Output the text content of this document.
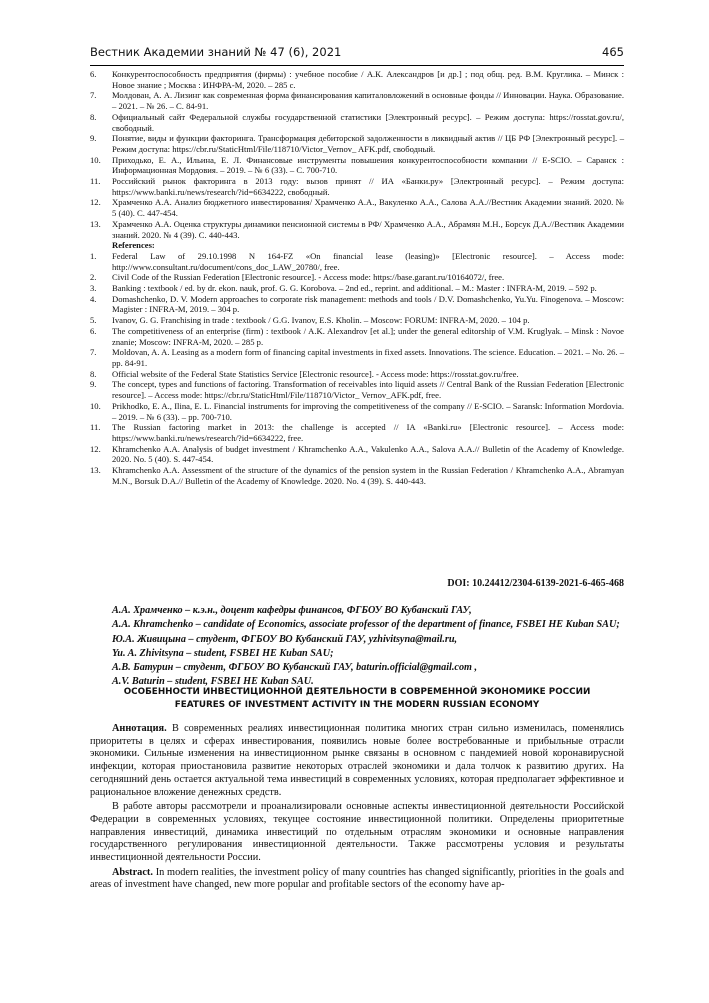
Вестник Академии знаний № 47 (6), 2021	465
6.	Конкурентоспособность предприятия (фирмы) : учебное пособие / А.К. Александров [и др.] ; под общ. ред. В.М. Круглика. – Минск : Новое знание ; Москва : ИНФРА-М, 2020. – 285 с.
7.	Молдован, А. А. Лизинг как современная форма финансирования капиталовложений в основные фонды // Инновации. Наука. Образование. – 2021. – № 26. – С. 84-91.
8.	Официальный сайт Федеральной службы государственной статистики [Электронный ресурс]. – Режим доступа: https://rosstat.gov.ru/, свободный.
9.	Понятие, виды и функции факторинга. Трансформация дебиторской задолженности в ликвидный актив // ЦБ РФ [Электронный ресурс]. – Режим доступа: https://cbr.ru/StaticHtml/File/118710/Victor_Vernov_ AFK.pdf, свободный.
10.	Приходько, Е. А., Ильина, Е. Л. Финансовые инструменты повышения конкурентоспособности компании // E-SCIO. – Саранск : Информационная Мордовия. – 2019. – № 6 (33). – С. 700-710.
11.	Российский рынок факторинга в 2013 году: вызов принят // ИА «Банки.ру» [Электронный ресурс]. – Режим доступа: https://www.banki.ru/news/research/?id=6634222, свободный.
12.	Храмченко А.А. Анализ бюджетного инвестирования/ Храмченко А.А., Вакуленко А.А., Салова А.А.//Вестник Академии знаний. 2020. № 5 (40). С. 447-454.
13.	Храмченко А.А. Оценка структуры динамики пенсионной системы в РФ/ Храмченко А.А., Абрамян М.Н., Борсук Д.А.//Вестник Академии знаний. 2020. № 4 (39). С. 440-443.
References:
1.	Federal Law of 29.10.1998 N 164-FZ «On financial lease (leasing)» [Electronic resource]. – Access mode: http://www.consultant.ru/document/cons_doc_LAW_20780/, free.
2.	Civil Code of the Russian Federation [Electronic resource]. - Access mode: https://base.garant.ru/10164072/, free.
3.	Banking : textbook / ed. by dr. ekon. nauk, prof. G. G. Korobova. – 2nd ed., reprint. and additional. – M.: Master : INFRA-M, 2019. – 592 p.
4.	Domashchenko, D. V. Modern approaches to corporate risk management: methods and tools / D.V. Domashchenko, Yu.Yu. Finogenova. – Moscow: Magister : INFRA-M, 2019. – 304 p.
5.	Ivanov, G. G. Franchising in trade : textbook / G.G. Ivanov, E.S. Kholin. – Moscow: FORUM: INFRA-M, 2020. – 104 p.
6.	The competitiveness of an enterprise (firm) : textbook / A.K. Alexandrov [et al.]; under the general editorship of V.M. Kruglyak. – Minsk : Novoe znanie; Moscow: INFRA-M, 2020. – 285 p.
7.	Moldovan, A. A. Leasing as a modern form of financing capital investments in fixed assets. Innovations. The science. Education. – 2021. – No. 26. – pp. 84-91.
8.	Official website of the Federal State Statistics Service [Electronic resource]. - Access mode: https://rosstat.gov.ru/free.
9.	The concept, types and functions of factoring. Transformation of receivables into liquid assets // Central Bank of the Russian Federation [Electronic resource]. – Access mode: https://cbr.ru/StaticHtml/File/118710/Victor_ Vernov_AFK.pdf, free.
10.	Prikhodko, E. A., Ilina, E. L. Financial instruments for improving the competitiveness of the company // E-SCIO. – Saransk: Information Mordovia. – 2019. – № 6 (33). – pp. 700-710.
11.	The Russian factoring market in 2013: the challenge is accepted // IA «Banki.ru» [Electronic resource]. – Access mode: https://www.banki.ru/news/research/?id=6634222, free.
12.	Khramchenko A.A. Analysis of budget investment / Khramchenko A.A., Vakulenko A.A., Salova A.A.// Bulletin of the Academy of Knowledge. 2020. No. 5 (40). S. 447-454.
13.	Khramchenko A.A. Assessment of the structure of the dynamics of the pension system in the Russian Federation / Khramchenko A.A., Abramyan M.N., Borsuk D.A.// Bulletin of the Academy of Knowledge. 2020. No. 4 (39). S. 440-443.
DOI: 10.24412/2304-6139-2021-6-465-468
А.А. Храмченко – к.э.н., доцент кафедры финансов, ФГБОУ ВО Кубанский ГАУ,
A.A. Khramchenko – candidate of Economics, associate professor of the department of finance, FSBEI HE Kuban SAU;
Ю.А. Живицына – студент, ФГБОУ ВО Кубанский ГАУ, yzhivitsyna@mail.ru,
Yu. A. Zhivitsyna – student, FSBEI HE Kuban SAU;
А.В. Батурин – студент, ФГБОУ ВО Кубанский ГАУ, baturin.official@gmail.com ,
A.V. Baturin – student, FSBEI HE Kuban SAU.
ОСОБЕННОСТИ ИНВЕСТИЦИОННОЙ ДЕЯТЕЛЬНОСТИ В СОВРЕМЕННОЙ ЭКОНОМИКЕ РОССИИ
FEATURES OF INVESTMENT ACTIVITY IN THE MODERN RUSSIAN ECONOMY

Аннотация. В современных реалиях инвестиционная политика многих стран сильно изменилась, поменялись приоритеты в целях и сферах инвестирования, появились новые более востребованные и прибыльные отрасли экономики. Сильные изменения на инвестиционном рынке связаны в основном с пандемией новой коронавирусной инфекции, которая приостановила развитие некоторых отраслей экономики и дала толчок к развитию других. На сегодняшний день остается актуальной тема инвестиций в современных условиях, которая предполагает эффективное и рациональное вложение денежных средств.

В работе авторы рассмотрели и проанализировали основные аспекты инвестиционной деятельности Российской Федерации в современных условиях, текущее состояние инвестиционной политики. Определены приоритетные направления инвестиций, динамика инвестиций по отдельным отраслям экономики и основные направления государственного регулирования инвестиционной деятельности. Также рассмотрены условия и результаты инвестиционной деятельности России.

Abstract. In modern realities, the investment policy of many countries has changed significantly, priorities in the goals and areas of investment have changed, new more popular and profitable sectors of the economy have ap-
